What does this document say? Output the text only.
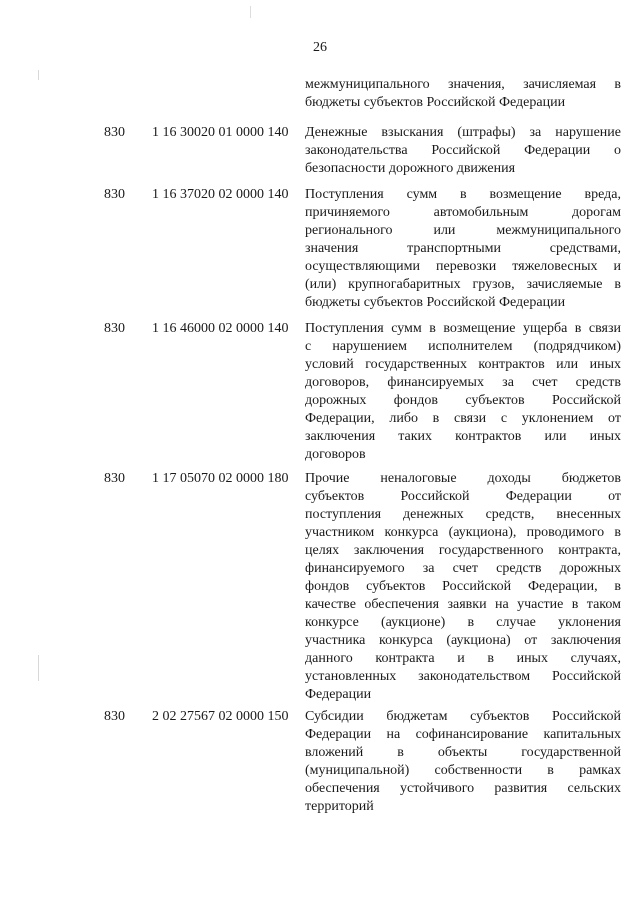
26
межмуниципального значения, зачисляемая в
бюджеты субъектов Российской Федерации
830 1 16 30020 01 0000 140 Денежные взыскания (штрафы) за нарушение
законодательства Российской Федерации о
безопасности дорожного движения
830 1 16 37020 02 0000 140 Поступления сумм в возмещение вреда,
причиняемого автомобильным дорогам
регионального или межмуниципального
значения транспортными средствами,
осуществляющими перевозки тяжеловесных и
(или) крупногабаритных грузов, зачисляемые в
бюджеты субъектов Российской Федерации
830 1 16 46000 02 0000 140 Поступления сумм в возмещение ущерба в связи
с нарушением исполнителем (подрядчиком)
условий государственных контрактов или иных
договоров, финансируемых за счет средств
дорожных фондов субъектов Российской
Федерации, либо в связи с уклонением от
заключения таких контрактов или иных
договоров
830 1 17 05070 02 0000 180 Прочие неналоговые доходы бюджетов
субъектов Российской Федерации от
поступления денежных средств, внесенных
участником конкурса (аукциона), проводимого в
целях заключения государственного контракта,
финансируемого за счет средств дорожных
фондов субъектов Российской Федерации, в
качестве обеспечения заявки на участие в таком
конкурсе (аукционе) в случае уклонения
участника конкурса (аукциона) от заключения
данного контракта и в иных случаях,
установленных законодательством Российской
Федерации
830 2 02 27567 02 0000 150 Субсидии бюджетам субъектов Российской
Федерации на софинансирование капитальных
вложений в объекты государственной
(муниципальной) собственности в рамках
обеспечения устойчивого развития сельских
территорий
